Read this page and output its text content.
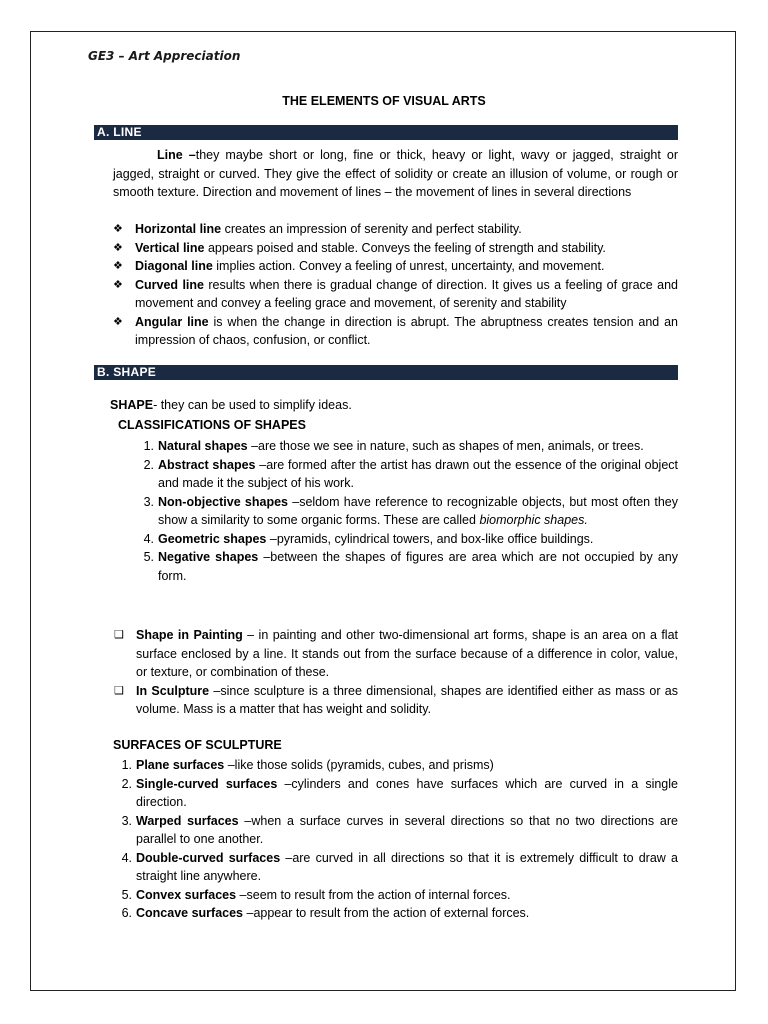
GE3 – Art Appreciation
THE ELEMENTS OF VISUAL ARTS
A. LINE
Line –they maybe short or long, fine or thick, heavy or light, wavy or jagged, straight or jagged, straight or curved. They give the effect of solidity or create an illusion of volume, or rough or smooth texture. Direction and movement of lines – the movement of lines in several directions
❖ Horizontal line creates an impression of serenity and perfect stability.
❖ Vertical line appears poised and stable. Conveys the feeling of strength and stability.
❖ Diagonal line implies action. Convey a feeling of unrest, uncertainty, and movement.
❖ Curved line results when there is gradual change of direction. It gives us a feeling of grace and movement and convey a feeling grace and movement, of serenity and stability
❖ Angular line is when the change in direction is abrupt. The abruptness creates tension and an impression of chaos, confusion, or conflict.
B. SHAPE
SHAPE- they can be used to simplify ideas.
CLASSIFICATIONS OF SHAPES
1. Natural shapes –are those we see in nature, such as shapes of men, animals, or trees.
2. Abstract shapes –are formed after the artist has drawn out the essence of the original object and made it the subject of his work.
3. Non-objective shapes –seldom have reference to recognizable objects, but most often they show a similarity to some organic forms. These are called biomorphic shapes.
4. Geometric shapes –pyramids, cylindrical towers, and box-like office buildings.
5. Negative shapes –between the shapes of figures are area which are not occupied by any form.
❑ Shape in Painting – in painting and other two-dimensional art forms, shape is an area on a flat surface enclosed by a line. It stands out from the surface because of a difference in color, value, or texture, or combination of these.
❑ In Sculpture –since sculpture is a three dimensional, shapes are identified either as mass or as volume. Mass is a matter that has weight and solidity.
SURFACES OF SCULPTURE
1. Plane surfaces –like those solids (pyramids, cubes, and prisms)
2. Single-curved surfaces –cylinders and cones have surfaces which are curved in a single direction.
3. Warped surfaces –when a surface curves in several directions so that no two directions are parallel to one another.
4. Double-curved surfaces –are curved in all directions so that it is extremely difficult to draw a straight line anywhere.
5. Convex surfaces –seem to result from the action of internal forces.
6. Concave surfaces –appear to result from the action of external forces.
